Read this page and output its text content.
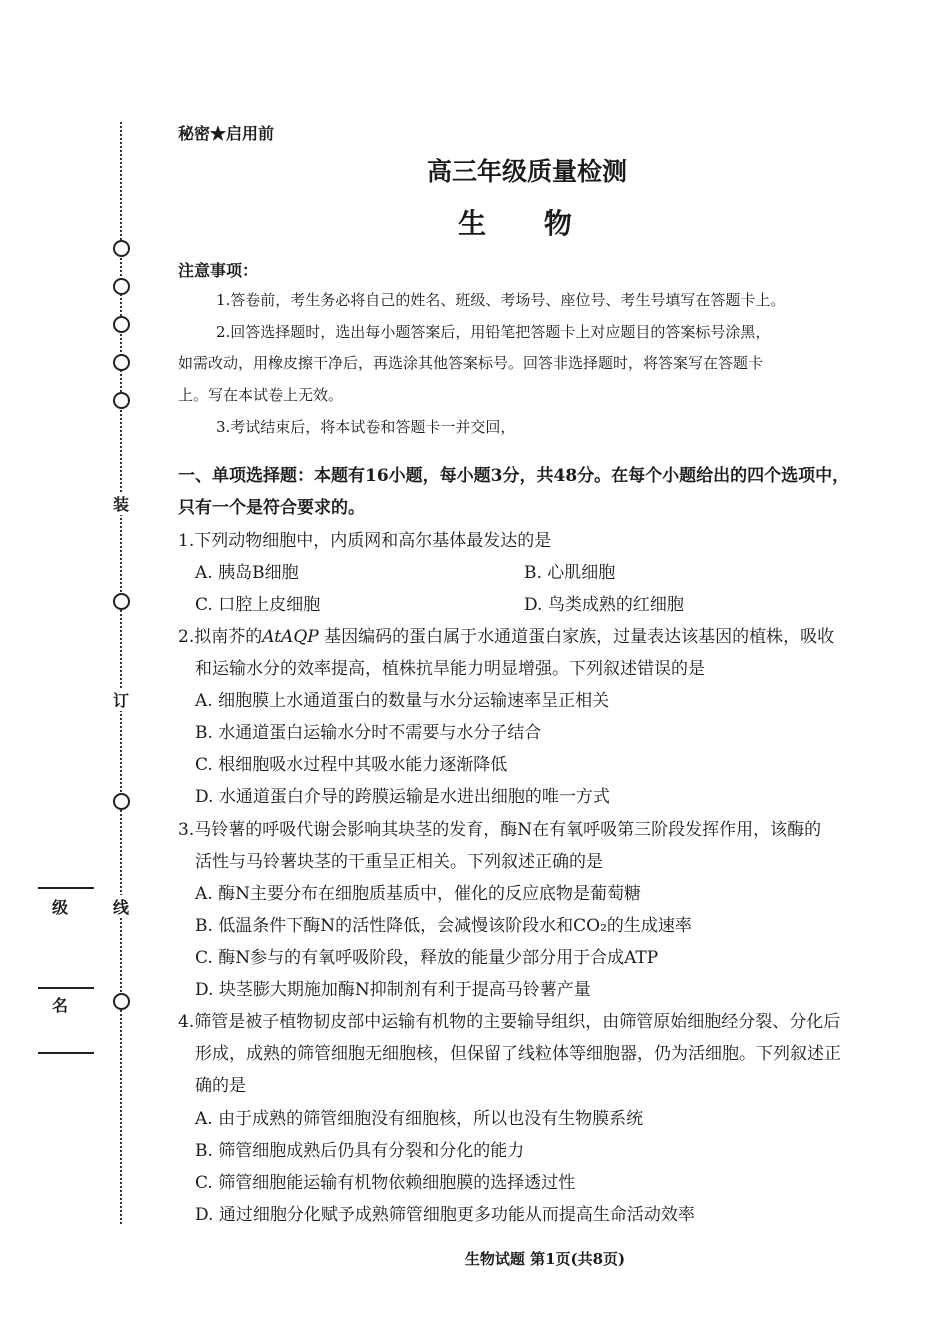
装
订
线
级
名
秘密★启用前
高三年级质量检测
生 物
注意事项：
1.答卷前，考生务必将自己的姓名、班级、考场号、座位号、考生号填写在答题卡上。
2.回答选择题时，选出每小题答案后，用铅笔把答题卡上对应题目的答案标号涂黑，
如需改动，用橡皮擦干净后，再选涂其他答案标号。回答非选择题时，将答案写在答题卡
上。写在本试卷上无效。
3.考试结束后，将本试卷和答题卡一并交回，
一、单项选择题：本题有16小题，每小题3分，共48分。在每个小题给出的四个选项中，
只有一个是符合要求的。
1.下列动物细胞中，内质网和高尔基体最发达的是
A. 胰岛B细胞	B. 心肌细胞
C. 口腔上皮细胞	D. 鸟类成熟的红细胞
2.拟南芥的AtAQP 基因编码的蛋白属于水通道蛋白家族，过量表达该基因的植株，吸收
和运输水分的效率提高，植株抗旱能力明显增强。下列叙述错误的是
A. 细胞膜上水通道蛋白的数量与水分运输速率呈正相关
B. 水通道蛋白运输水分时不需要与水分子结合
C. 根细胞吸水过程中其吸水能力逐渐降低
D. 水通道蛋白介导的跨膜运输是水进出细胞的唯一方式
3.马铃薯的呼吸代谢会影响其块茎的发育，酶N在有氧呼吸第三阶段发挥作用，该酶的
活性与马铃薯块茎的干重呈正相关。下列叙述正确的是
A. 酶N主要分布在细胞质基质中，催化的反应底物是葡萄糖
B. 低温条件下酶N的活性降低，会减慢该阶段水和CO₂的生成速率
C. 酶N参与的有氧呼吸阶段，释放的能量少部分用于合成ATP
D. 块茎膨大期施加酶N抑制剂有利于提高马铃薯产量
4.筛管是被子植物韧皮部中运输有机物的主要输导组织，由筛管原始细胞经分裂、分化后
形成，成熟的筛管细胞无细胞核，但保留了线粒体等细胞器，仍为活细胞。下列叙述正
确的是
A. 由于成熟的筛管细胞没有细胞核，所以也没有生物膜系统
B. 筛管细胞成熟后仍具有分裂和分化的能力
C. 筛管细胞能运输有机物依赖细胞膜的选择透过性
D. 通过细胞分化赋予成熟筛管细胞更多功能从而提高生命活动效率
生物试题 第1页(共8页)
